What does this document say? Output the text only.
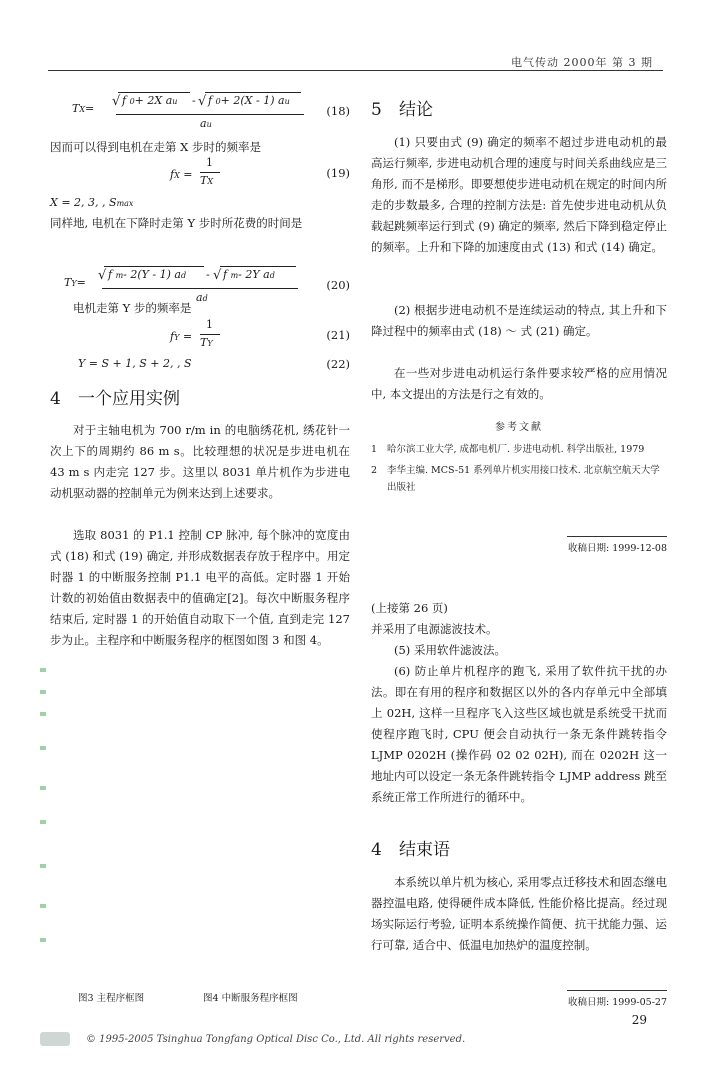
电气传动 2000年 第 3 期
TX= √ f 0+ 2X au - √ f 0+ 2(X - 1) au
au
(18)
因而可以得到电机在走第 X 步时的频率是
fX =
1
TX
(19)
X = 2, 3, , Smax
同样地, 电机在下降时走第 Y 步时所花费的时间是
TY= √ f m- 2(Y - 1) ad - √ f m- 2Y ad
ad
(20)
电机走第 Y 步的频率是
fY =
1
TY
(21)
Y = S + 1, S + 2, , S	(22)
4 一个应用实例
对于主轴电机为 700 r/m in 的电脑绣花机, 绣花针一次上下的周期约 86 m s。比较理想的状况是步进电机在 43 m s 内走完 127 步。这里以 8031 单片机作为步进电动机驱动器的控制单元为例来达到上述要求。
选取 8031 的 P1.1 控制 CP 脉冲, 每个脉冲的宽度由式 (18) 和式 (19) 确定, 并形成数据表存放于程序中。用定时器 1 的中断服务控制 P1.1 电平的高低。定时器 1 开始计数的初始值由数据表中的值确定[2]。每次中断服务程序结束后, 定时器 1 的开始值自动取下一个值, 直到走完 127 步为止。主程序和中断服务程序的框图如图 3 和图 4。
图3 主程序框图	图4 中断服务程序框图
5 结论
(1) 只要由式 (9) 确定的频率不超过步进电动机的最高运行频率, 步进电动机合理的速度与时间关系曲线应是三角形, 而不是梯形。即要想使步进电动机在规定的时间内所走的步数最多, 合理的控制方法是: 首先使步进电动机从负载起跳频率运行到式 (9) 确定的频率, 然后下降到稳定停止的频率。上升和下降的加速度由式 (13) 和式 (14) 确定。
(2) 根据步进电动机不是连续运动的特点, 其上升和下降过程中的频率由式 (18) ～ 式 (21) 确定。
在一些对步进电动机运行条件要求较严格的应用情况中, 本文提出的方法是行之有效的。
参考文献
1	哈尔滨工业大学, 成都电机厂. 步进电动机. 科学出版社, 1979
2	李华主编. MCS-51 系列单片机实用接口技术. 北京航空航天大学出版社
收稿日期: 1999-12-08
(上接第 26 页)
并采用了电源滤波技术。
(5) 采用软件滤波法。
(6) 防止单片机程序的跑飞, 采用了软件抗干扰的办法。即在有用的程序和数据区以外的各内存单元中全部填上 02H, 这样一旦程序飞入这些区域也就是系统受干扰而使程序跑飞时, CPU 便会自动执行一条无条件跳转指令 LJMP 0202H (操作码 02 02 02H), 而在 0202H 这一地址内可以设定一条无条件跳转指令 LJMP address 跳至系统正常工作所进行的循环中。
4 结束语
本系统以单片机为核心, 采用零点迁移技术和固态继电器控温电路, 使得硬件成本降低, 性能价格比提高。经过现场实际运行考验, 证明本系统操作简便、抗干扰能力强、运行可靠, 适合中、低温电加热炉的温度控制。
收稿日期: 1999-05-27
29
© 1995-2005 Tsinghua Tongfang Optical Disc Co., Ltd. All rights reserved.
